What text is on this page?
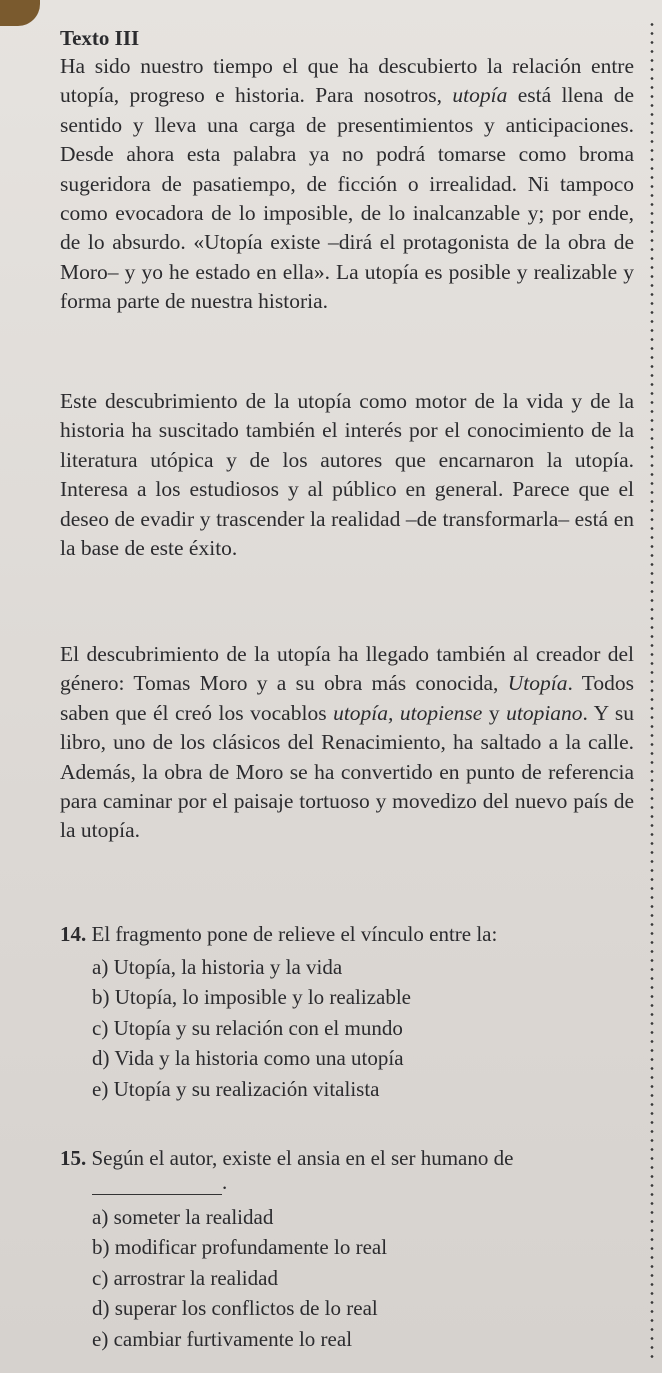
Texto III

Ha sido nuestro tiempo el que ha descubierto la relación entre utopía, progreso e historia. Para nosotros, utopía está llena de sentido y lleva una carga de presentimientos y anticipaciones. Desde ahora esta palabra ya no podrá tomarse como broma sugeridora de pasatiempo, de ficción o irrealidad. Ni tampoco como evocadora de lo imposible, de lo inalcanzable y; por ende, de lo absurdo. «Utopía existe –dirá el protagonista de la obra de Moro– y yo he estado en ella». La utopía es posible y realizable y forma parte de nuestra historia.

Este descubrimiento de la utopía como motor de la vida y de la historia ha suscitado también el interés por el conocimiento de la literatura utópica y de los autores que encarnaron la utopía. Interesa a los estudiosos y al público en general. Parece que el deseo de evadir y trascender la realidad –de transformarla– está en la base de este éxito.

El descubrimiento de la utopía ha llegado también al creador del género: Tomas Moro y a su obra más conocida, Utopía. Todos saben que él creó los vocablos utopía, utopiense y utopiano. Y su libro, uno de los clásicos del Renacimiento, ha saltado a la calle. Además, la obra de Moro se ha convertido en punto de referencia para caminar por el paisaje tortuoso y movedizo del nuevo país de la utopía.

14. El fragmento pone de relieve el vínculo entre la:

a) Utopía, la historia y la vida
b) Utopía, lo imposible y lo realizable
c) Utopía y su relación con el mundo
d) Vida y la historia como una utopía
e) Utopía y su realización vitalista

15. Según el autor, existe el ansia en el ser humano de

.
a) someter la realidad
b) modificar profundamente lo real
c) arrostrar la realidad
d) superar los conflictos de lo real
e) cambiar furtivamente lo real
